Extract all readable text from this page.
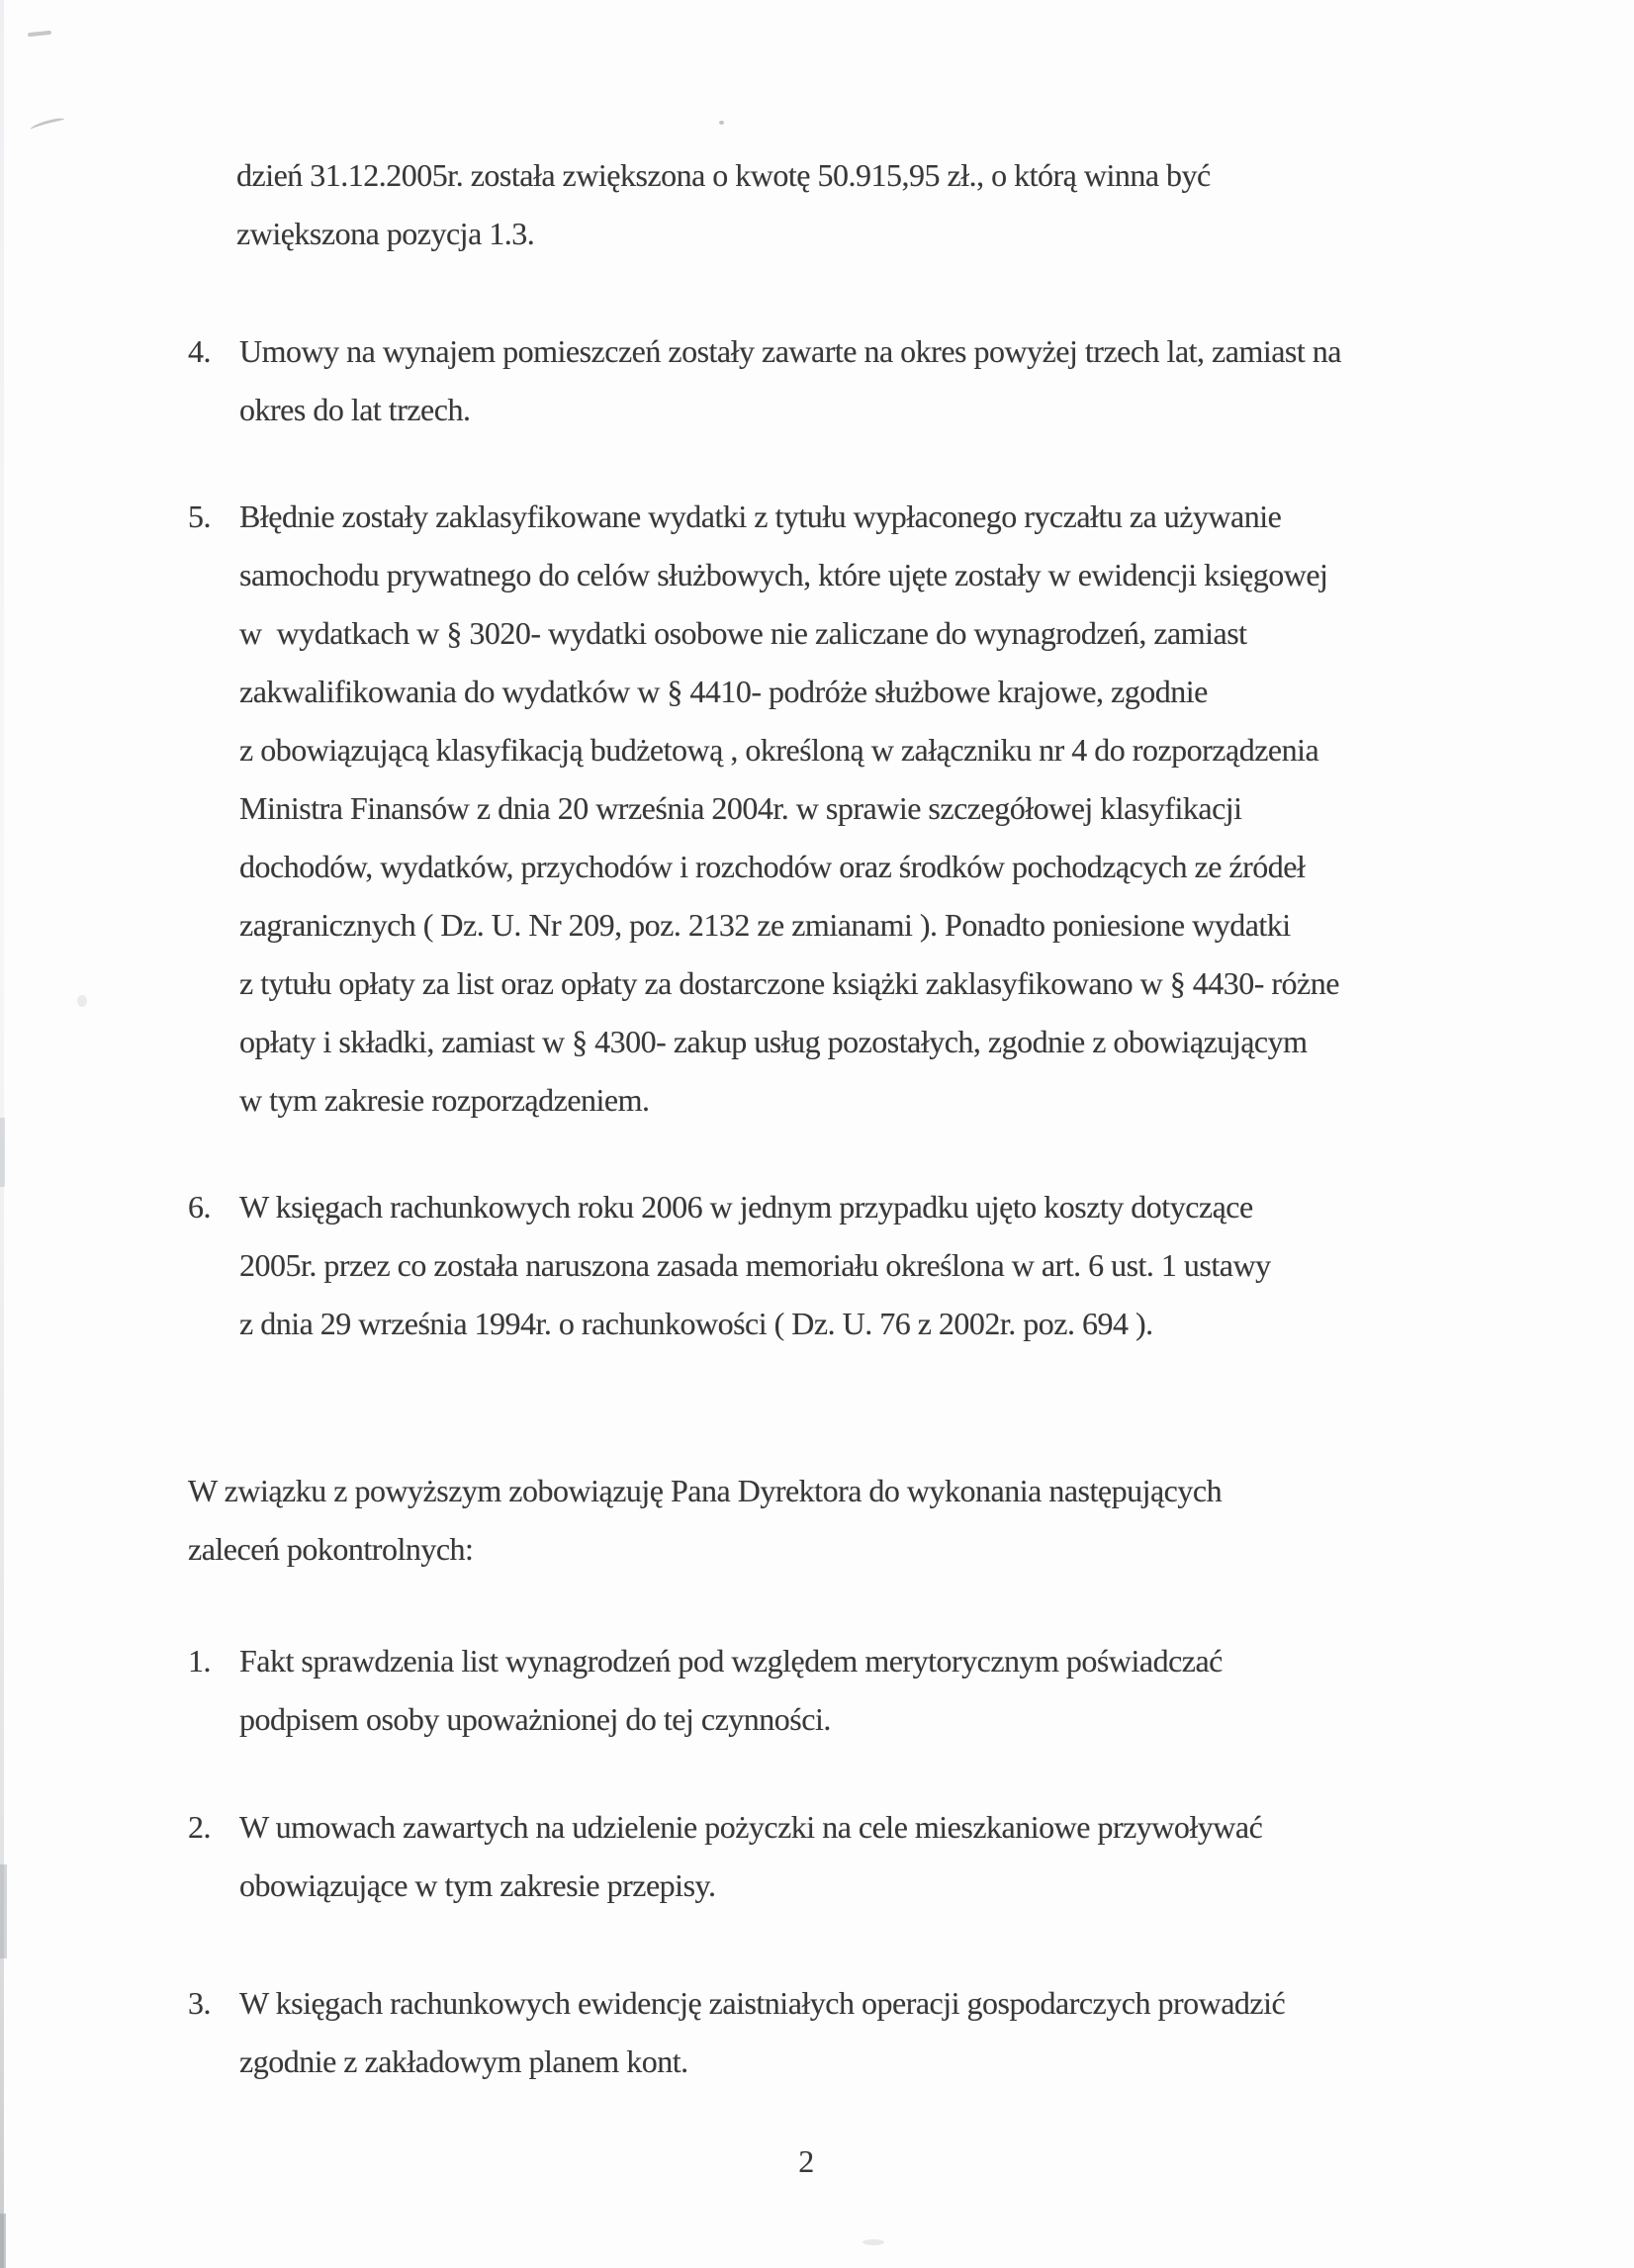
dzień 31.12.2005r. została zwiększona o kwotę 50.915,95 zł., o którą winna być
zwiększona pozycja 1.3.
4. Umowy na wynajem pomieszczeń zostały zawarte na okres powyżej trzech lat, zamiast na
okres do lat trzech.
5. Błędnie zostały zaklasyfikowane wydatki z tytułu wypłaconego ryczałtu za używanie
samochodu prywatnego do celów służbowych, które ujęte zostały w ewidencji księgowej
w  wydatkach w § 3020- wydatki osobowe nie zaliczane do wynagrodzeń, zamiast
zakwalifikowania do wydatków w § 4410- podróże służbowe krajowe, zgodnie
z obowiązującą klasyfikacją budżetową , określoną w załączniku nr 4 do rozporządzenia
Ministra Finansów z dnia 20 września 2004r. w sprawie szczegółowej klasyfikacji
dochodów, wydatków, przychodów i rozchodów oraz środków pochodzących ze źródeł
zagranicznych ( Dz. U. Nr 209, poz. 2132 ze zmianami ). Ponadto poniesione wydatki
z tytułu opłaty za list oraz opłaty za dostarczone książki zaklasyfikowano w § 4430- różne
opłaty i składki, zamiast w § 4300- zakup usług pozostałych, zgodnie z obowiązującym
w tym zakresie rozporządzeniem.
6. W księgach rachunkowych roku 2006 w jednym przypadku ujęto koszty dotyczące
2005r. przez co została naruszona zasada memoriału określona w art. 6 ust. 1 ustawy
z dnia 29 września 1994r. o rachunkowości ( Dz. U. 76 z 2002r. poz. 694 ).
W związku z powyższym zobowiązuję Pana Dyrektora do wykonania następujących
zaleceń pokontrolnych:
1. Fakt sprawdzenia list wynagrodzeń pod względem merytorycznym poświadczać
podpisem osoby upoważnionej do tej czynności.
2. W umowach zawartych na udzielenie pożyczki na cele mieszkaniowe przywoływać
obowiązujące w tym zakresie przepisy.
3. W księgach rachunkowych ewidencję zaistniałych operacji gospodarczych prowadzić
zgodnie z zakładowym planem kont.
2
